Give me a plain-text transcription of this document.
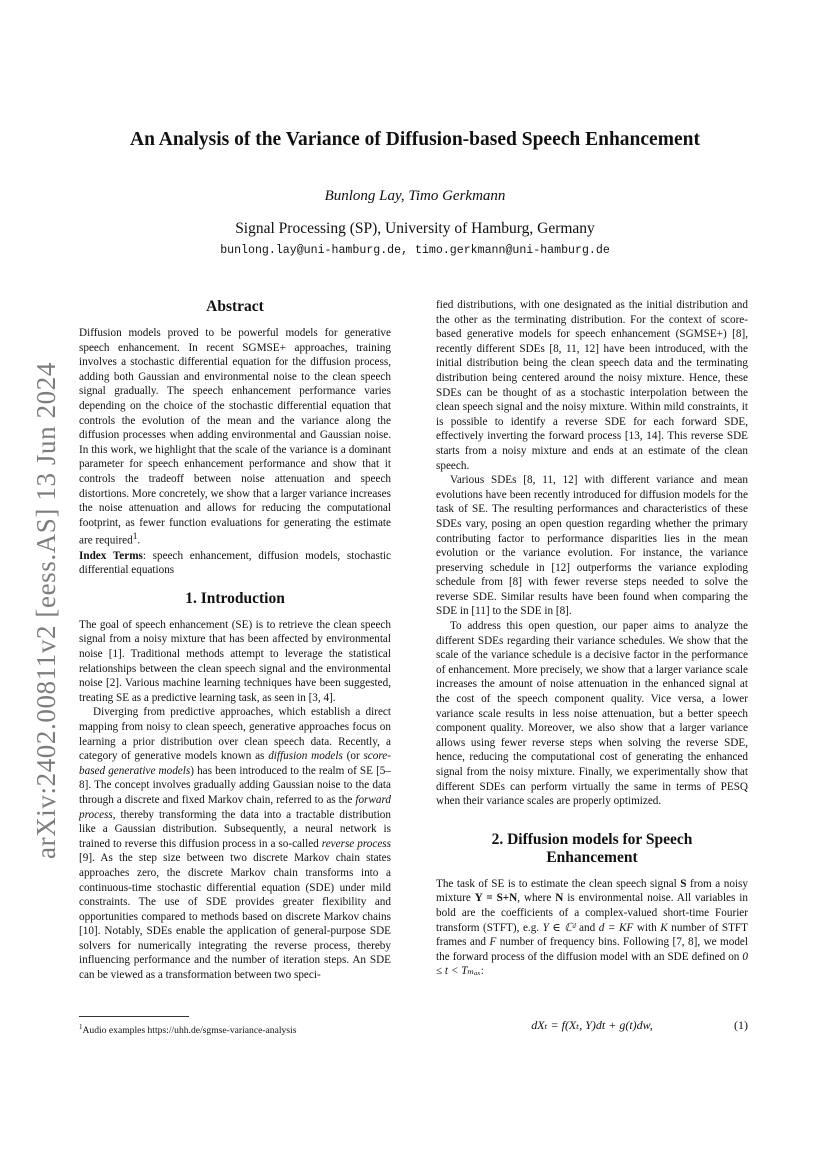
arXiv:2402.00811v2 [eess.AS] 13 Jun 2024
An Analysis of the Variance of Diffusion-based Speech Enhancement
Bunlong Lay, Timo Gerkmann
Signal Processing (SP), University of Hamburg, Germany
bunlong.lay@uni-hamburg.de, timo.gerkmann@uni-hamburg.de
Abstract

Diffusion models proved to be powerful models for generative speech enhancement. In recent SGMSE+ approaches, training involves a stochastic differential equation for the diffusion process, adding both Gaussian and environmental noise to the clean speech signal gradually. The speech enhancement performance varies depending on the choice of the stochastic differential equation that controls the evolution of the mean and the variance along the diffusion processes when adding environmental and Gaussian noise. In this work, we highlight that the scale of the variance is a dominant parameter for speech enhancement performance and show that it controls the tradeoff between noise attenuation and speech distortions. More concretely, we show that a larger variance increases the noise attenuation and allows for reducing the computational footprint, as fewer function evaluations for generating the estimate are required$^1$.

Index Terms: speech enhancement, diffusion models, stochastic differential equations

1. Introduction

The goal of speech enhancement (SE) is to retrieve the clean speech signal from a noisy mixture that has been affected by environmental noise [1]. Traditional methods attempt to leverage the statistical relationships between the clean speech signal and the environmental noise [2]. Various machine learning techniques have been suggested, treating SE as a predictive learning task, as seen in [3, 4].

Diverging from predictive approaches, which establish a direct mapping from noisy to clean speech, generative approaches focus on learning a prior distribution over clean speech data. Recently, a category of generative models known as diffusion models (or score-based generative models) has been introduced to the realm of SE [5–8]. The concept involves gradually adding Gaussian noise to the data through a discrete and fixed Markov chain, referred to as the forward process, thereby transforming the data into a tractable distribution like a Gaussian distribution. Subsequently, a neural network is trained to reverse this diffusion process in a so-called reverse process [9]. As the step size between two discrete Markov chain states approaches zero, the discrete Markov chain transforms into a continuous-time stochastic differential equation (SDE) under mild constraints. The use of SDE provides greater flexibility and opportunities compared to methods based on discrete Markov chains [10]. Notably, SDEs enable the application of general-purpose SDE solvers for numerically integrating the reverse process, thereby influencing performance and the number of iteration steps. An SDE can be viewed as a transformation between two speci-

$^1$Audio examples https://uhh.de/sgmse-variance-analysis

fied distributions, with one designated as the initial distribution and the other as the terminating distribution. For the context of score-based generative models for speech enhancement (SGMSE+) [8], recently different SDEs [8, 11, 12] have been introduced, with the initial distribution being the clean speech data and the terminating distribution being centered around the noisy mixture. Hence, these SDEs can be thought of as a stochastic interpolation between the clean speech signal and the noisy mixture. Within mild constraints, it is possible to identify a reverse SDE for each forward SDE, effectively inverting the forward process [13, 14]. This reverse SDE starts from a noisy mixture and ends at an estimate of the clean speech.

Various SDEs [8, 11, 12] with different variance and mean evolutions have been recently introduced for diffusion models for the task of SE. The resulting performances and characteristics of these SDEs vary, posing an open question regarding whether the primary contributing factor to performance disparities lies in the mean evolution or the variance evolution. For instance, the variance preserving schedule in [12] outperforms the variance exploding schedule from [8] with fewer reverse steps needed to solve the reverse SDE. Similar results have been found when comparing the SDE in [11] to the SDE in [8].

To address this open question, our paper aims to analyze the different SDEs regarding their variance schedules. We show that the scale of the variance schedule is a decisive factor in the performance of enhancement. More precisely, we show that a larger variance scale increases the amount of noise attenuation in the enhanced signal at the cost of the speech component quality. Vice versa, a lower variance scale results in less noise attenuation, but a better speech component quality. Moreover, we also show that a larger variance allows using fewer reverse steps when solving the reverse SDE, hence, reducing the computational cost of generating the enhanced signal from the noisy mixture. Finally, we experimentally show that different SDEs can perform virtually the same in terms of PESQ when their variance scales are properly optimized.

2. Diffusion models for Speech
Enhancement

The task of SE is to estimate the clean speech signal S from a noisy mixture Y = S+N, where N is environmental noise. All variables in bold are the coefficients of a complex-valued short-time Fourier transform (STFT), e.g. Y ∈ ℂᵈ and d = KF with K number of STFT frames and F number of frequency bins. Following [7, 8], we model the forward process of the diffusion model with an SDE defined on 0 ≤ t < Tₘₐₓ:

dXₜ = f(Xₜ, Y)dt + g(t)dw,	(1)
